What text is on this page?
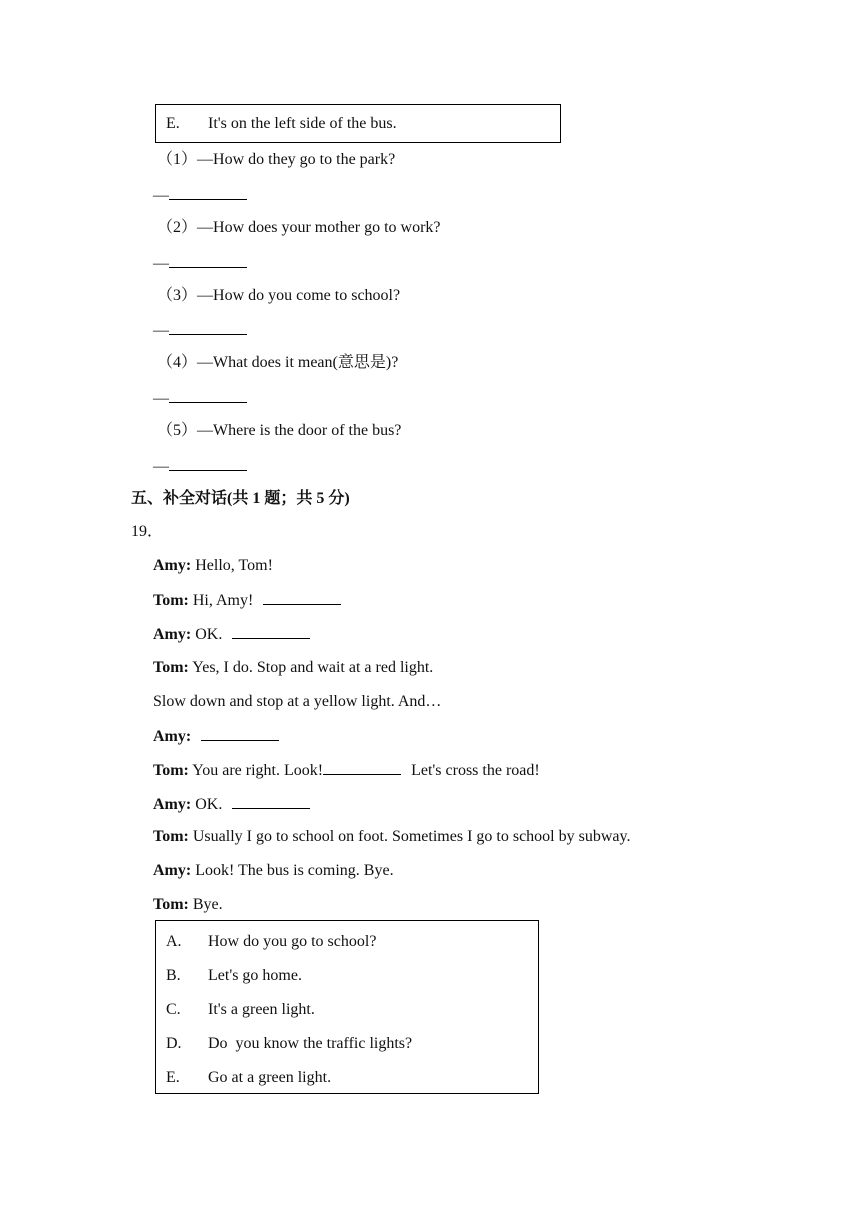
E. It's on the left side of the bus.
（1）—How do they go to the park?
—
（2）—How does your mother go to work?
—
（3）—How do you come to school?
—
（4）—What does it mean(意思是)?
—
（5）—Where is the door of the bus?
—
五、补全对话(共 1 题；共 5 分)
19．
Amy: Hello, Tom!
Tom: Hi, Amy!
Amy: OK.
Tom: Yes, I do. Stop and wait at a red light.
Slow down and stop at a yellow light. And…
Amy:
Tom: You are right. Look!	Let's cross the road!
Amy: OK.
Tom: Usually I go to school on foot. Sometimes I go to school by subway.
Amy: Look! The bus is coming. Bye.
Tom: Bye.
A. How do you go to school?
B. Let's go home.
C. It's a green light.
D. Do  you know the traffic lights?
E. Go at a green light.
